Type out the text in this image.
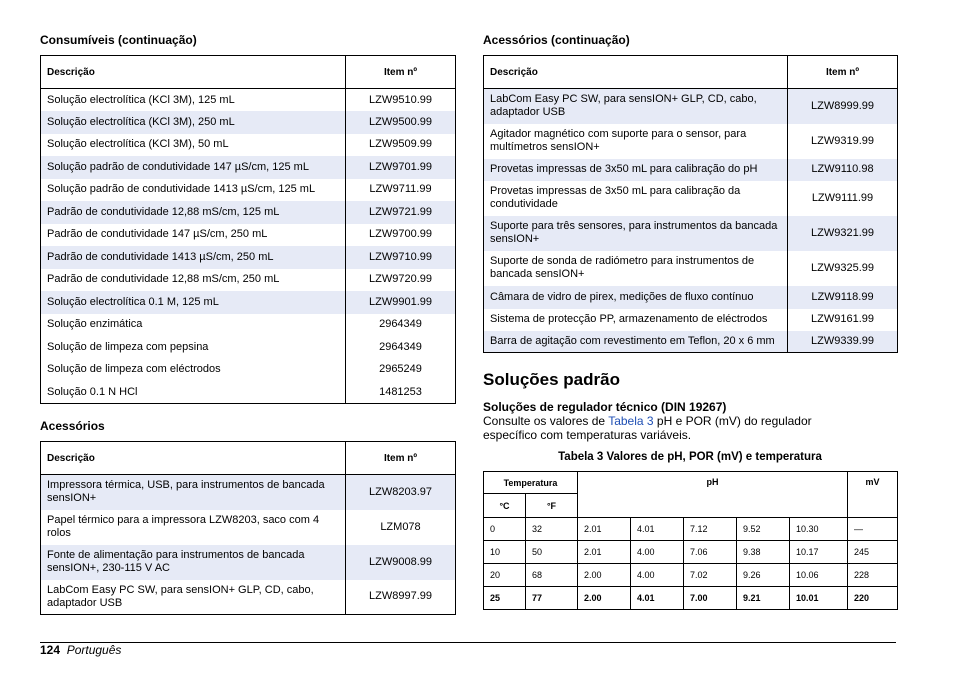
Consumíveis (continuação)
Descrição	Item nº
Solução electrolítica (KCl 3M), 125 mL	LZW9510.99
Solução electrolítica (KCl 3M), 250 mL	LZW9500.99
Solução electrolítica (KCl 3M), 50 mL	LZW9509.99
Solução padrão de condutividade 147 µS/cm, 125 mL	LZW9701.99
Solução padrão de condutividade 1413 µS/cm, 125 mL	LZW9711.99
Padrão de condutividade 12,88 mS/cm, 125 mL	LZW9721.99
Padrão de condutividade 147 µS/cm, 250 mL	LZW9700.99
Padrão de condutividade 1413 µS/cm, 250 mL	LZW9710.99
Padrão de condutividade 12,88 mS/cm, 250 mL	LZW9720.99
Solução electrolítica 0.1 M, 125 mL	LZW9901.99
Solução enzimática	2964349
Solução de limpeza com pepsina	2964349
Solução de limpeza com eléctrodos	2965249
Solução 0.1 N HCl	1481253
Acessórios
Descrição	Item nº
Impressora térmica, USB, para instrumentos de bancada sensION+	LZW8203.97
Papel térmico para a impressora LZW8203, saco com 4 rolos	LZM078
Fonte de alimentação para instrumentos de bancada sensION+, 230-115 V AC	LZW9008.99
LabCom Easy PC SW, para sensION+ GLP, CD, cabo, adaptador USB	LZW8997.99
Acessórios (continuação)
Descrição	Item nº
LabCom Easy PC SW, para sensION+ GLP, CD, cabo, adaptador USB	LZW8999.99
Agitador magnético com suporte para o sensor, para multímetros sensION+	LZW9319.99
Provetas impressas de 3x50 mL para calibração do pH	LZW9110.98
Provetas impressas de 3x50 mL para calibração da condutividade	LZW9111.99
Suporte para três sensores, para instrumentos da bancada sensION+	LZW9321.99
Suporte de sonda de radiómetro para instrumentos de bancada sensION+	LZW9325.99
Câmara de vidro de pirex, medições de fluxo contínuo	LZW9118.99
Sistema de protecção PP, armazenamento de eléctrodos	LZW9161.99
Barra de agitação com revestimento em Teflon, 20 x 6 mm	LZW9339.99
Soluções padrão
Soluções de regulador técnico (DIN 19267)
Consulte os valores de Tabela 3 pH e POR (mV) do regulador específico com temperaturas variáveis.
Tabela 3 Valores de pH, POR (mV) e temperatura
Temperatura		pH					mV
°C	°F						
0	32	2.01	4.01	7.12	9.52	10.30	—
10	50	2.01	4.00	7.06	9.38	10.17	245
20	68	2.00	4.00	7.02	9.26	10.06	228
25	77	2.00	4.01	7.00	9.21	10.01	220
124 Português
